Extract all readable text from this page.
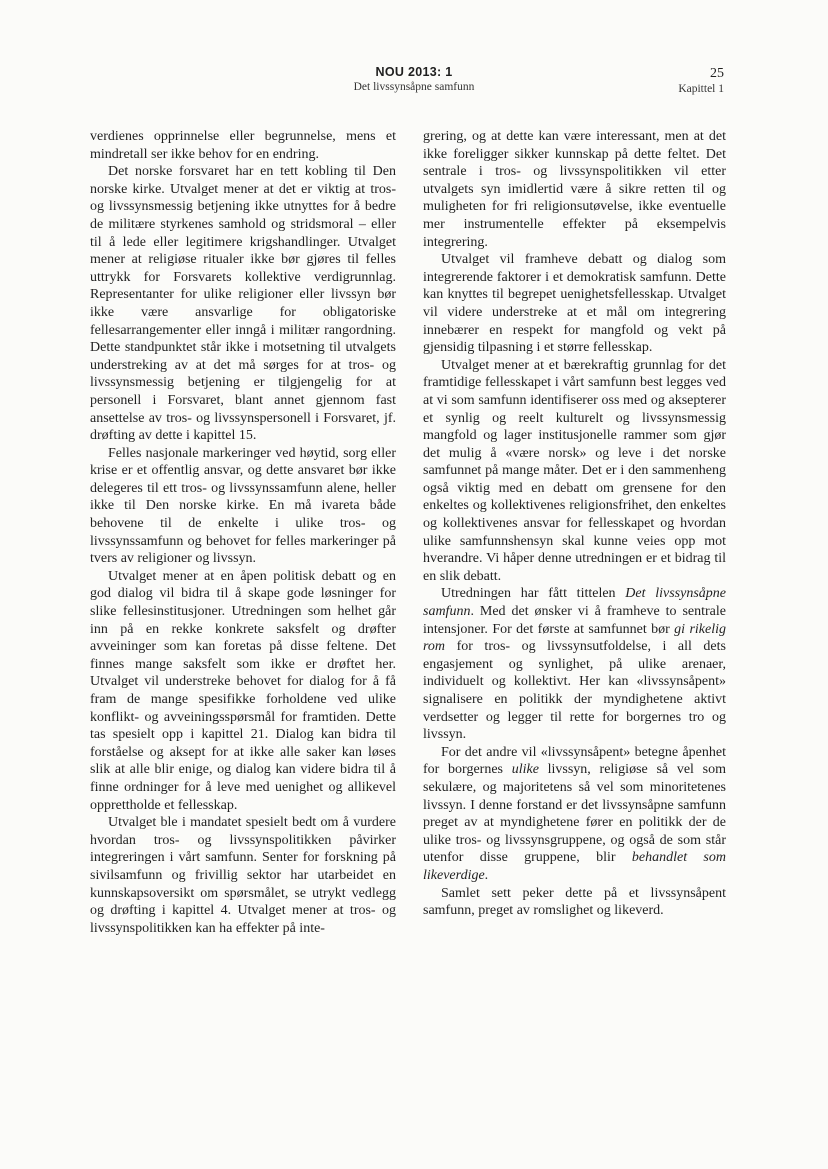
NOU 2013: 1
Det livssynsåpne samfunn
25
Kapittel 1

verdienes opprinnelse eller begrunnelse, mens et mindretall ser ikke behov for en endring.

Det norske forsvaret har en tett kobling til Den norske kirke. Utvalget mener at det er viktig at tros- og livssynsmessig betjening ikke utnyttes for å bedre de militære styrkenes samhold og stridsmoral – eller til å lede eller legitimere krigshandlinger. Utvalget mener at religiøse ritualer ikke bør gjøres til felles uttrykk for Forsvarets kollektive verdigrunnlag. Representanter for ulike religioner eller livssyn bør ikke være ansvarlige for obligatoriske fellesarrangementer eller inngå i militær rangordning. Dette standpunktet står ikke i motsetning til utvalgets understreking av at det må sørges for at tros- og livssynsmessig betjening er tilgjengelig for at personell i Forsvaret, blant annet gjennom fast ansettelse av tros- og livssynspersonell i Forsvaret, jf. drøfting av dette i kapittel 15.

Felles nasjonale markeringer ved høytid, sorg eller krise er et offentlig ansvar, og dette ansvaret bør ikke delegeres til ett tros- og livssynssamfunn alene, heller ikke til Den norske kirke. En må ivareta både behovene til de enkelte i ulike tros- og livssynssamfunn og behovet for felles markeringer på tvers av religioner og livssyn.

Utvalget mener at en åpen politisk debatt og en god dialog vil bidra til å skape gode løsninger for slike fellesinstitusjoner. Utredningen som helhet går inn på en rekke konkrete saksfelt og drøfter avveininger som kan foretas på disse feltene. Det finnes mange saksfelt som ikke er drøftet her. Utvalget vil understreke behovet for dialog for å få fram de mange spesifikke forholdene ved ulike konflikt- og avveiningsspørsmål for framtiden. Dette tas spesielt opp i kapittel 21. Dialog kan bidra til forståelse og aksept for at ikke alle saker kan løses slik at alle blir enige, og dialog kan videre bidra til å finne ordninger for å leve med uenighet og allikevel opprettholde et fellesskap.

Utvalget ble i mandatet spesielt bedt om å vurdere hvordan tros- og livssynspolitikken påvirker integreringen i vårt samfunn. Senter for forskning på sivilsamfunn og frivillig sektor har utarbeidet en kunnskapsoversikt om spørsmålet, se utrykt vedlegg og drøfting i kapittel 4. Utvalget mener at tros- og livssynspolitikken kan ha effekter på inte-

grering, og at dette kan være interessant, men at det ikke foreligger sikker kunnskap på dette feltet. Det sentrale i tros- og livssynspolitikken vil etter utvalgets syn imidlertid være å sikre retten til og muligheten for fri religionsutøvelse, ikke eventuelle mer instrumentelle effekter på eksempelvis integrering.

Utvalget vil framheve debatt og dialog som integrerende faktorer i et demokratisk samfunn. Dette kan knyttes til begrepet uenighetsfellesskap. Utvalget vil videre understreke at et mål om integrering innebærer en respekt for mangfold og vekt på gjensidig tilpasning i et større fellesskap.

Utvalget mener at et bærekraftig grunnlag for det framtidige fellesskapet i vårt samfunn best legges ved at vi som samfunn identifiserer oss med og aksepterer et synlig og reelt kulturelt og livssynsmessig mangfold og lager institusjonelle rammer som gjør det mulig å «være norsk» og leve i det norske samfunnet på mange måter. Det er i den sammenheng også viktig med en debatt om grensene for den enkeltes og kollektivenes religionsfrihet, den enkeltes og kollektivenes ansvar for fellesskapet og hvordan ulike samfunnshensyn skal kunne veies opp mot hverandre. Vi håper denne utredningen er et bidrag til en slik debatt.

Utredningen har fått tittelen Det livssynsåpne samfunn. Med det ønsker vi å framheve to sentrale intensjoner. For det første at samfunnet bør gi rikelig rom for tros- og livssynsutfoldelse, i all dets engasjement og synlighet, på ulike arenaer, individuelt og kollektivt. Her kan «livssynsåpent» signalisere en politikk der myndighetene aktivt verdsetter og legger til rette for borgernes tro og livssyn.

For det andre vil «livssynsåpent» betegne åpenhet for borgernes ulike livssyn, religiøse så vel som sekulære, og majoritetens så vel som minoritetenes livssyn. I denne forstand er det livssynsåpne samfunn preget av at myndighetene fører en politikk der de ulike tros- og livssynsgruppene, og også de som står utenfor disse gruppene, blir behandlet som likeverdige.

Samlet sett peker dette på et livssynsåpent samfunn, preget av romslighet og likeverd.
